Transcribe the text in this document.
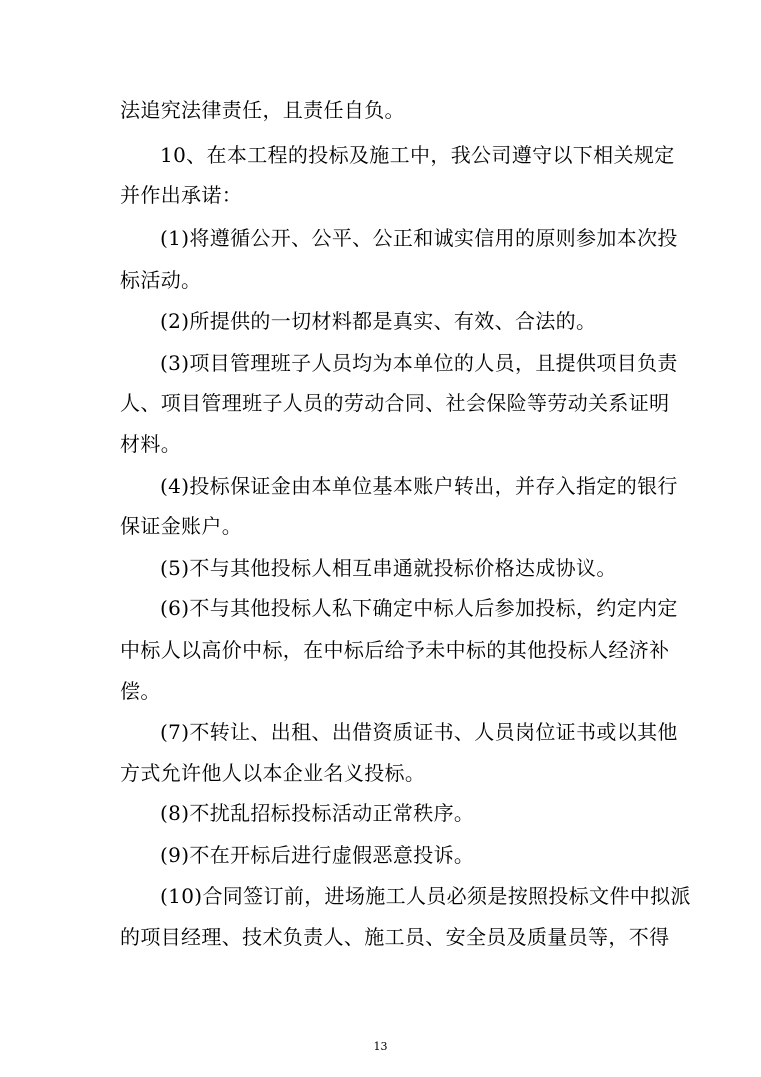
法追究法律责任，且责任自负。
10、在本工程的投标及施工中，我公司遵守以下相关规定
并作出承诺：
(1)将遵循公开、公平、公正和诚实信用的原则参加本次投
标活动。
(2)所提供的一切材料都是真实、有效、合法的。
(3)项目管理班子人员均为本单位的人员，且提供项目负责
人、项目管理班子人员的劳动合同、社会保险等劳动关系证明
材料。
(4)投标保证金由本单位基本账户转出，并存入指定的银行
保证金账户。
(5)不与其他投标人相互串通就投标价格达成协议。
(6)不与其他投标人私下确定中标人后参加投标，约定内定
中标人以高价中标，在中标后给予未中标的其他投标人经济补
偿。
(7)不转让、出租、出借资质证书、人员岗位证书或以其他
方式允许他人以本企业名义投标。
(8)不扰乱招标投标活动正常秩序。
(9)不在开标后进行虚假恶意投诉。
(10)合同签订前，进场施工人员必须是按照投标文件中拟派
的项目经理、技术负责人、施工员、安全员及质量员等，不得
13
